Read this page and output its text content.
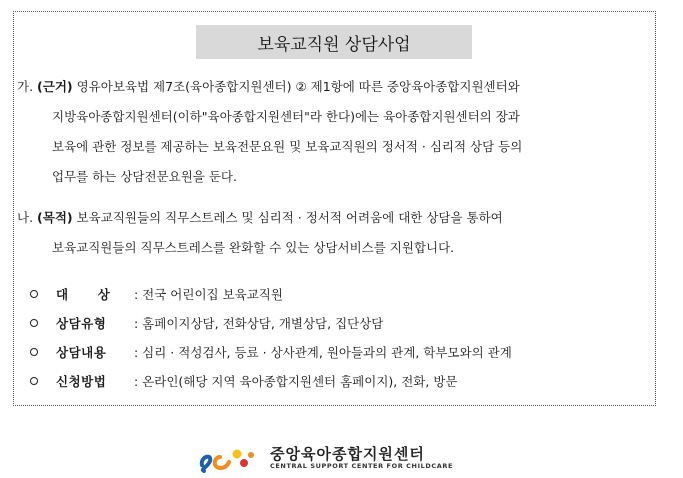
보육교직원 상담사업
가. (근거) 영유아보육법 제7조(육아종합지원센터) ② 제1항에 따른 중앙육아종합지원센터와
지방육아종합지원센터(이하"육아종합지원센터"라 한다)에는 육아종합지원센터의 장과
보육에 관한 정보를 제공하는 보육전문요원 및 보육교직원의 정서적 · 심리적 상담 등의
업무를 하는 상담전문요원을 둔다.
나. (목적) 보육교직원들의 직무스트레스 및 심리적 · 정서적 어려움에 대한 상담을 통하여
보육교직원들의 직무스트레스를 완화할 수 있는 상담서비스를 지원합니다.
대      상 : 전국 어린이집 보육교직원
상담유형 : 홈페이지상담, 전화상담, 개별상담, 집단상담
상담내용 : 심리 · 적성검사, 등료 · 상사관계, 원아들과의 관계, 학부모와의 관계
신청방법 : 온라인(해당 지역 육아종합지원센터 홈페이지), 전화, 방문
중앙육아종합지원센터
CENTRAL SUPPORT CENTER FOR CHILDCARE
